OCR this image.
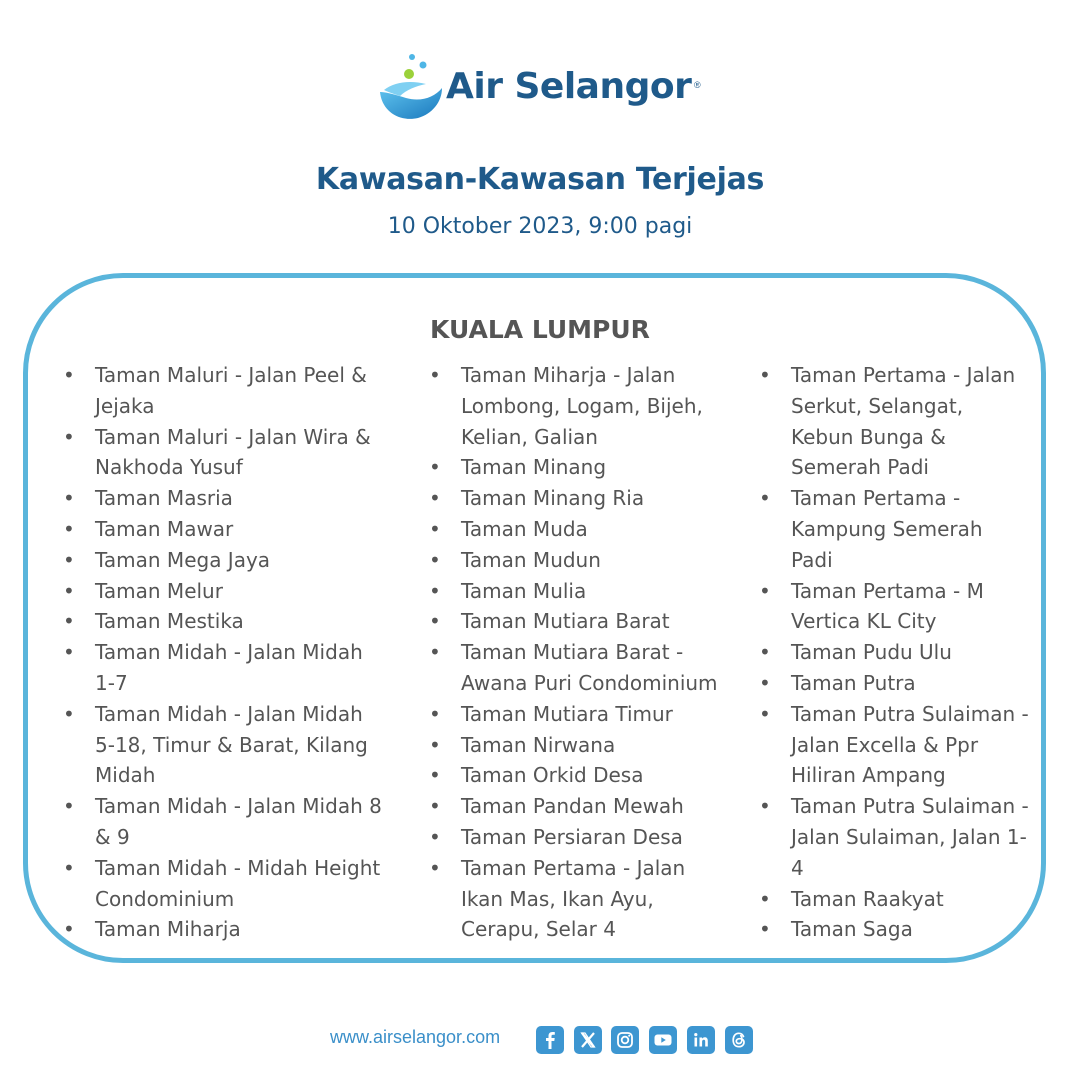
Air Selangor ®
Kawasan-Kawasan Terjejas
10 Oktober 2023, 9:00 pagi
KUALA LUMPUR
• Taman Maluri - Jalan Peel & Jejaka
• Taman Maluri - Jalan Wira & Nakhoda Yusuf
• Taman Masria
• Taman Mawar
• Taman Mega Jaya
• Taman Melur
• Taman Mestika
• Taman Midah - Jalan Midah 1-7
• Taman Midah - Jalan Midah 5-18, Timur & Barat, Kilang Midah
• Taman Midah - Jalan Midah 8 & 9
• Taman Midah - Midah Height Condominium
• Taman Miharja
• Taman Miharja - Jalan Lombong, Logam, Bijeh, Kelian, Galian
• Taman Minang
• Taman Minang Ria
• Taman Muda
• Taman Mudun
• Taman Mulia
• Taman Mutiara Barat
• Taman Mutiara Barat - Awana Puri Condominium
• Taman Mutiara Timur
• Taman Nirwana
• Taman Orkid Desa
• Taman Pandan Mewah
• Taman Persiaran Desa
• Taman Pertama - Jalan Ikan Mas, Ikan Ayu, Cerapu, Selar 4
• Taman Pertama - Jalan Serkut, Selangat, Kebun Bunga & Semerah Padi
• Taman Pertama - Kampung Semerah Padi
• Taman Pertama - M Vertica KL City
• Taman Pudu Ulu
• Taman Putra
• Taman Putra Sulaiman - Jalan Excella & Ppr Hiliran Ampang
• Taman Putra Sulaiman - Jalan Sulaiman, Jalan 1-4
• Taman Raakyat
• Taman Saga
www.airselangor.com
